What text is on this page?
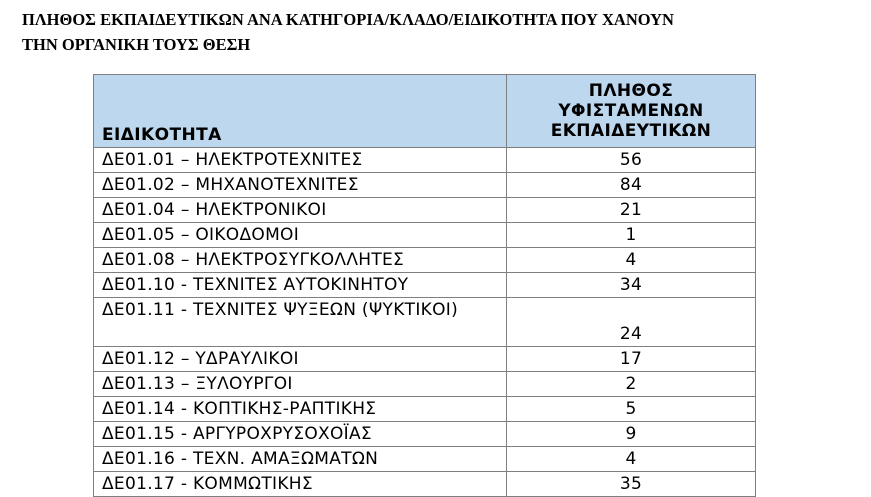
ΠΛΗΘΟΣ ΕΚΠΑΙΔΕΥΤΙΚΩΝ ΑΝΑ ΚΑΤΗΓΟΡΙΑ/ΚΛΑΔΟ/ΕΙΔΙΚΟΤΗΤΑ ΠΟΥ ΧΑΝΟΥΝ
ΤΗΝ ΟΡΓΑΝΙΚΗ ΤΟΥΣ ΘΕΣΗ
ΕΙΔΙΚΟΤΗΤΑ	ΠΛΗΘΟΣ
ΥΦΙΣΤΑΜΕΝΩΝ
ΕΚΠΑΙΔΕΥΤΙΚΩΝ
ΔΕ01.01 – ΗΛΕΚΤΡΟΤΕΧΝΙΤΕΣ	56
ΔΕ01.02 – ΜΗΧΑΝΟΤΕΧΝΙΤΕΣ	84
ΔΕ01.04 – ΗΛΕΚΤΡΟΝΙΚΟΙ	21
ΔΕ01.05 – ΟΙΚΟΔΟΜΟΙ	1
ΔΕ01.08 – ΗΛΕΚΤΡΟΣΥΓΚΟΛΛΗΤΕΣ	4
ΔΕ01.10 - ΤΕΧΝΙΤΕΣ ΑΥΤΟΚΙΝΗΤΟΥ	34
ΔΕ01.11 - ΤΕΧΝΙΤΕΣ ΨΥΞΕΩΝ (ΨΥΚΤΙΚΟΙ)	24
ΔΕ01.12 – ΥΔΡΑΥΛΙΚΟΙ	17
ΔΕ01.13 – ΞΥΛΟΥΡΓΟΙ	2
ΔΕ01.14 - ΚΟΠΤΙΚΗΣ-ΡΑΠΤΙΚΗΣ	5
ΔΕ01.15 - ΑΡΓΥΡΟΧΡΥΣΟΧΟΪΑΣ	9
ΔΕ01.16 - ΤΕΧΝ. ΑΜΑΞΩΜΑΤΩΝ	4
ΔΕ01.17 - ΚΟΜΜΩΤΙΚΗΣ	35
